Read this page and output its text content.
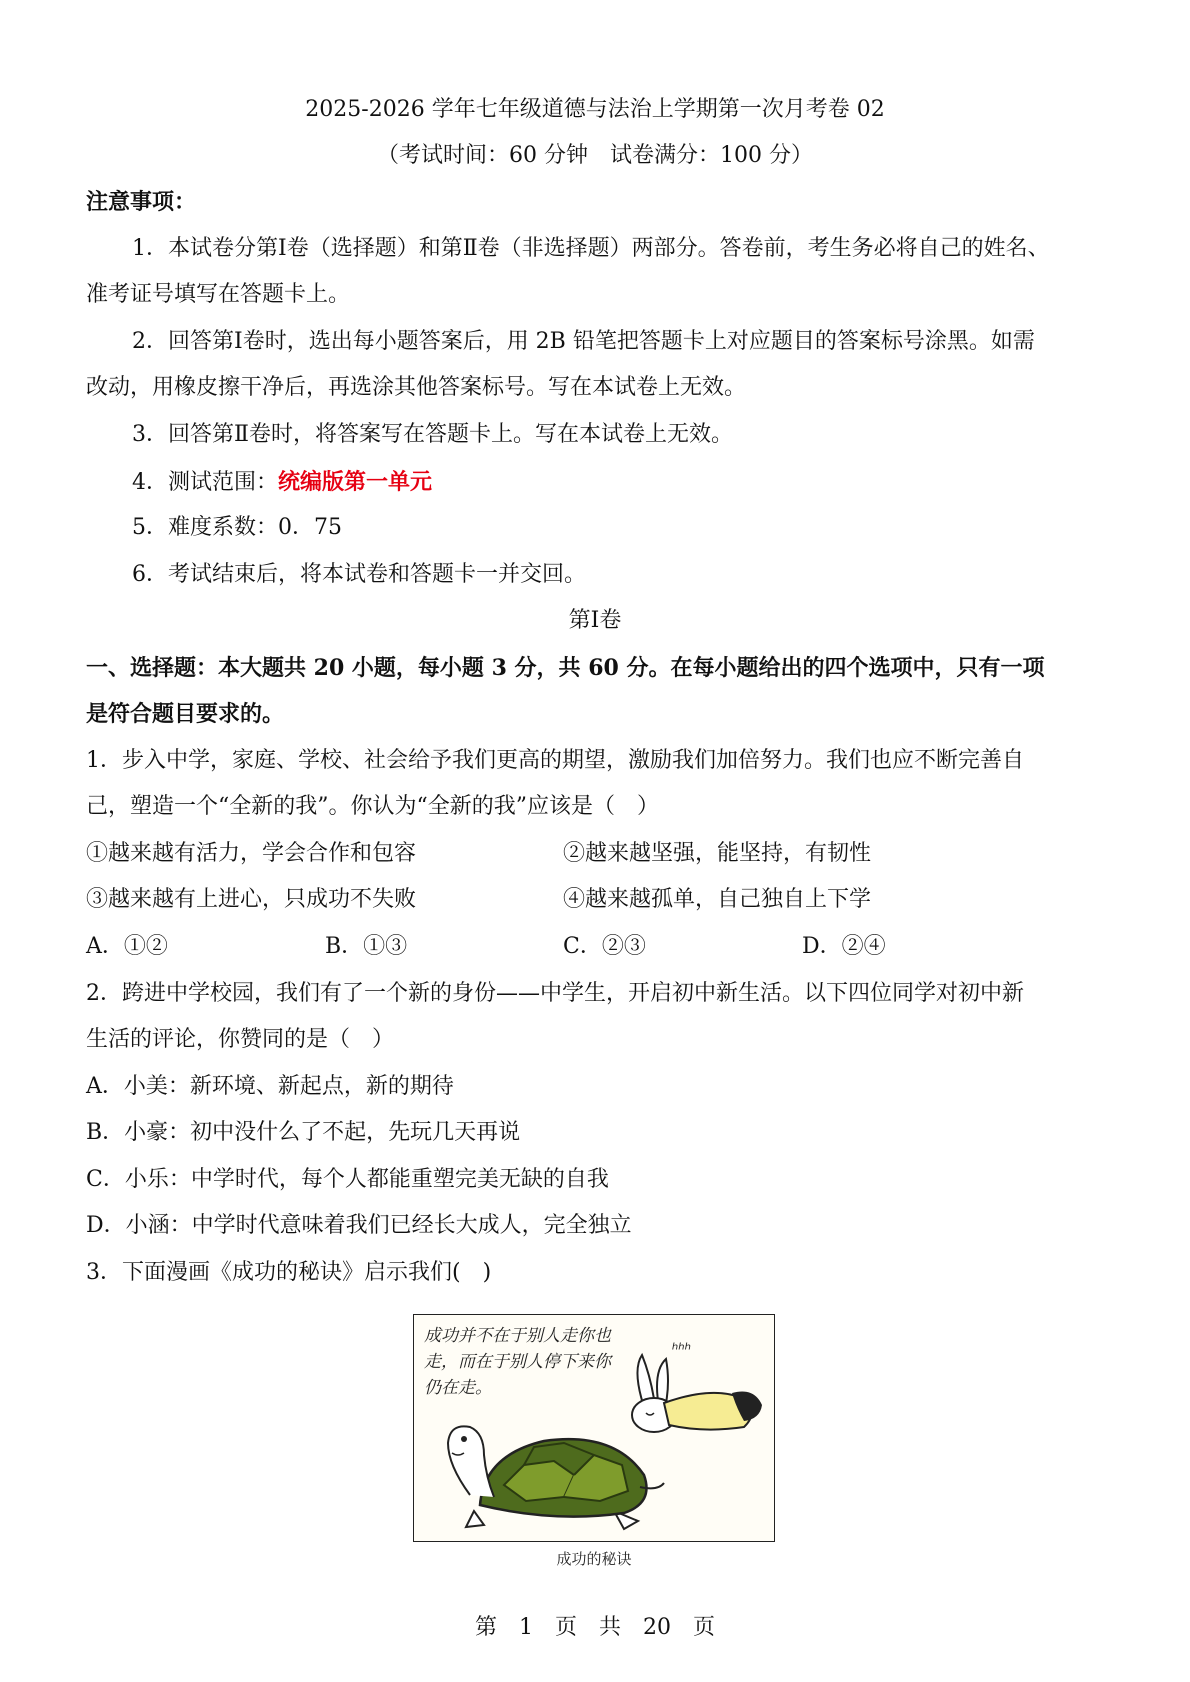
2025-2026 学年七年级道德与法治上学期第一次月考卷 02
（考试时间：60 分钟　试卷满分：100 分）
注意事项：
1．本试卷分第Ⅰ卷（选择题）和第Ⅱ卷（非选择题）两部分。答卷前，考生务必将自己的姓名、
准考证号填写在答题卡上。
2．回答第Ⅰ卷时，选出每小题答案后，用 2B 铅笔把答题卡上对应题目的答案标号涂黑。如需
改动，用橡皮擦干净后，再选涂其他答案标号。写在本试卷上无效。
3．回答第Ⅱ卷时，将答案写在答题卡上。写在本试卷上无效。
4．测试范围：统编版第一单元
5．难度系数：0．75
6．考试结束后，将本试卷和答题卡一并交回。
第Ⅰ卷
一、选择题：本大题共 20 小题，每小题 3 分，共 60 分。在每小题给出的四个选项中，只有一项
是符合题目要求的。
1．步入中学，家庭、学校、社会给予我们更高的期望，激励我们加倍努力。我们也应不断完善自
己，塑造一个“全新的我”。你认为“全新的我”应该是（　）
①越来越有活力，学会合作和包容	②越来越坚强，能坚持，有韧性
③越来越有上进心，只成功不失败	④越来越孤单，自己独自上下学
A．①②	B．①③	C．②③	D．②④
2．跨进中学校园，我们有了一个新的身份——中学生，开启初中新生活。以下四位同学对初中新
生活的评论，你赞同的是（　）
A．小美：新环境、新起点，新的期待
B．小豪：初中没什么了不起，先玩几天再说
C．小乐：中学时代，每个人都能重塑完美无缺的自我
D．小涵：中学时代意味着我们已经长大成人，完全独立
3．下面漫画《成功的秘诀》启示我们(　)
成功并不在于别人走你也走，而在于别人停下来你仍在走。
ʰʰʰ
成功的秘诀
第　1　页　共　20　页
